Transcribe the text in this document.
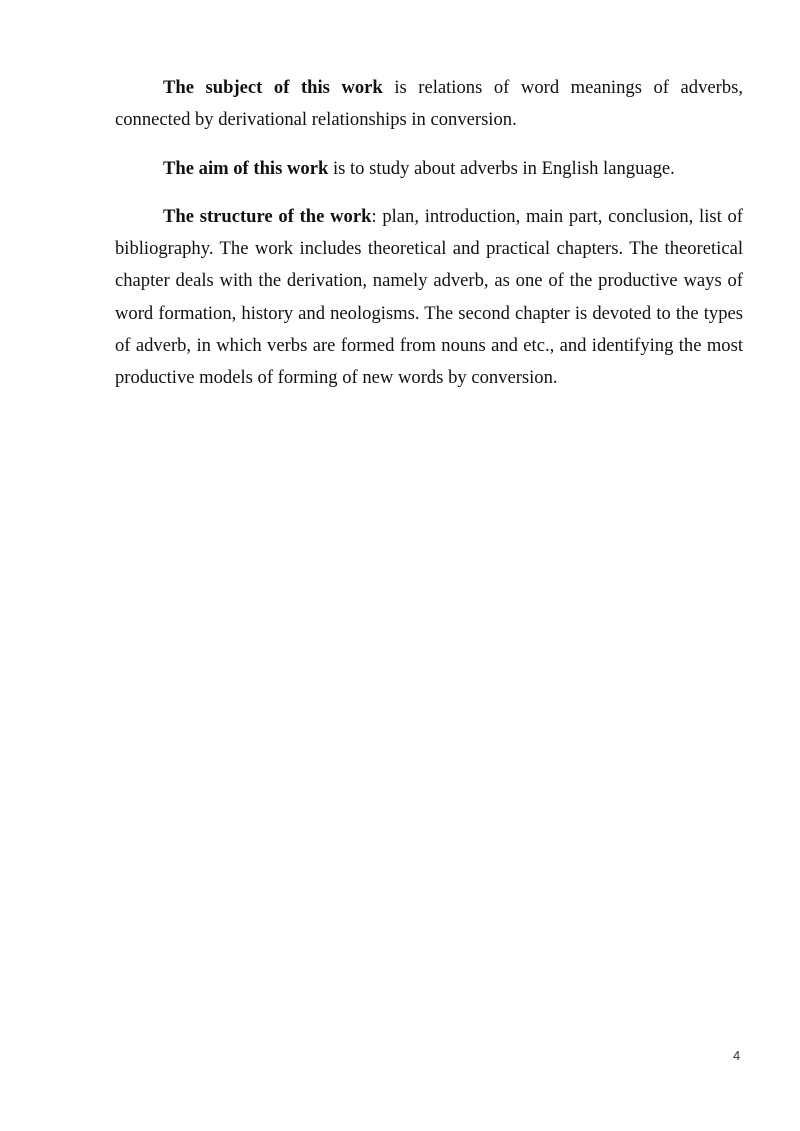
The subject of this work is relations of word meanings of adverbs, connected by derivational relationships in conversion.

The aim of this work is to study about adverbs in English language.

The structure of the work: plan, introduction, main part, conclusion, list of bibliography. The work includes theoretical and practical chapters. The theoretical chapter deals with the derivation, namely adverb, as one of the productive ways of word formation, history and neologisms. The second chapter is devoted to the types of adverb, in which verbs are formed from nouns and etc., and identifying the most productive models of forming of new words by conversion.

4
